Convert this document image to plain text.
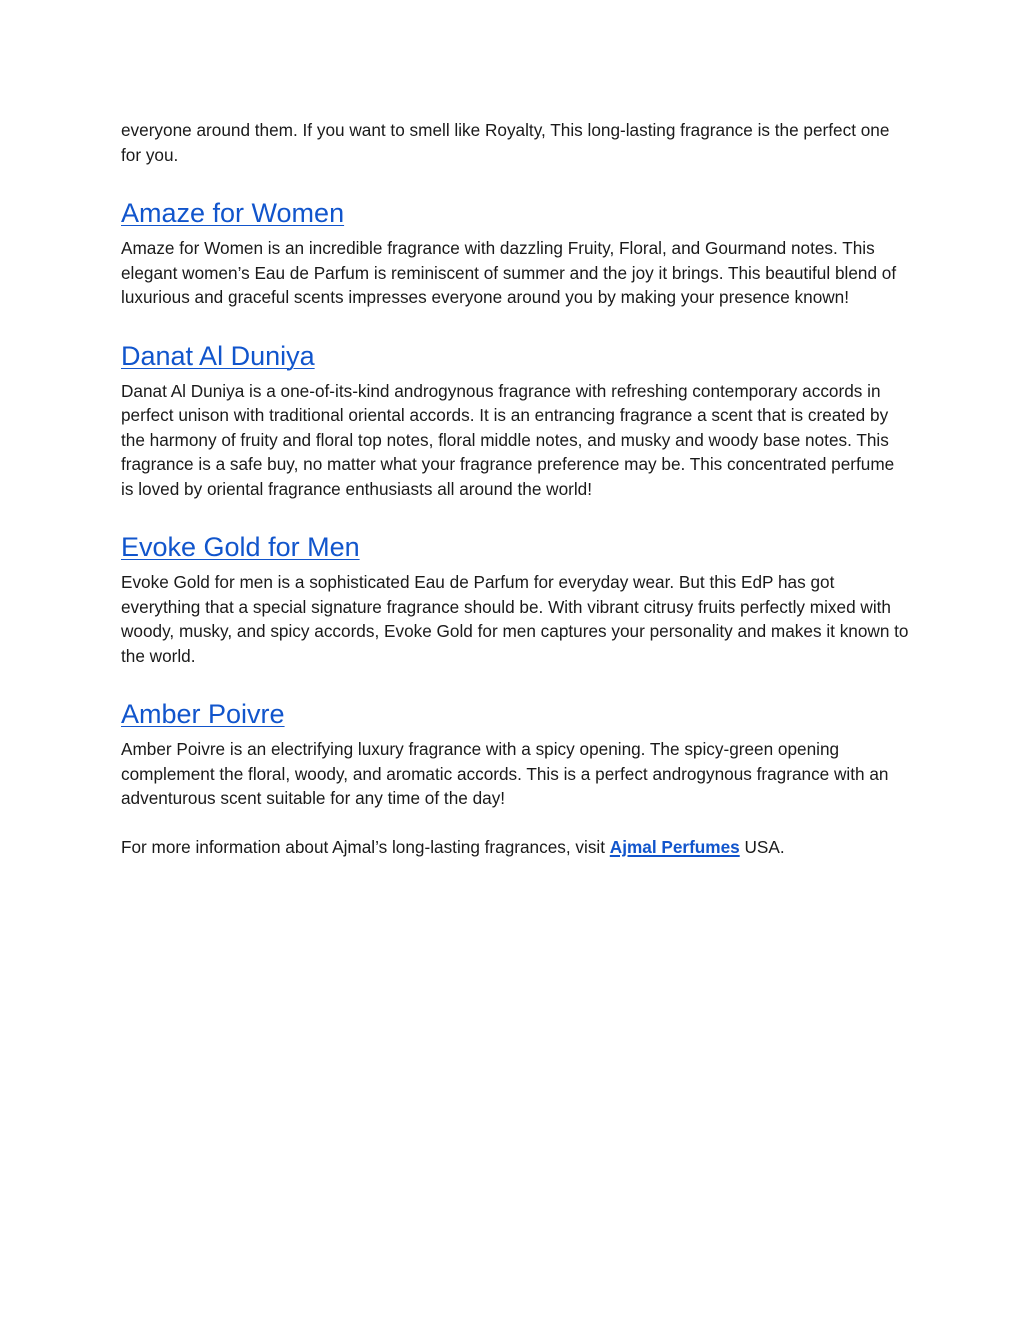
everyone around them. If you want to smell like Royalty, This long-lasting fragrance is the perfect one for you.

Amaze for Women

Amaze for Women is an incredible fragrance with dazzling Fruity, Floral, and Gourmand notes. This elegant women’s Eau de Parfum is reminiscent of summer and the joy it brings. This beautiful blend of luxurious and graceful scents impresses everyone around you by making your presence known!

Danat Al Duniya

Danat Al Duniya is a one-of-its-kind androgynous fragrance with refreshing contemporary accords in perfect unison with traditional oriental accords. It is an entrancing fragrance a scent that is created by the harmony of fruity and floral top notes, floral middle notes, and musky and woody base notes. This fragrance is a safe buy, no matter what your fragrance preference may be. This concentrated perfume is loved by oriental fragrance enthusiasts all around the world!

Evoke Gold for Men

Evoke Gold for men is a sophisticated Eau de Parfum for everyday wear. But this EdP has got everything that a special signature fragrance should be. With vibrant citrusy fruits perfectly mixed with woody, musky, and spicy accords, Evoke Gold for men captures your personality and makes it known to the world.

Amber Poivre

Amber Poivre is an electrifying luxury fragrance with a spicy opening. The spicy-green opening complement the floral, woody, and aromatic accords. This is a perfect androgynous fragrance with an adventurous scent suitable for any time of the day!

For more information about Ajmal’s long-lasting fragrances, visit Ajmal Perfumes USA.
